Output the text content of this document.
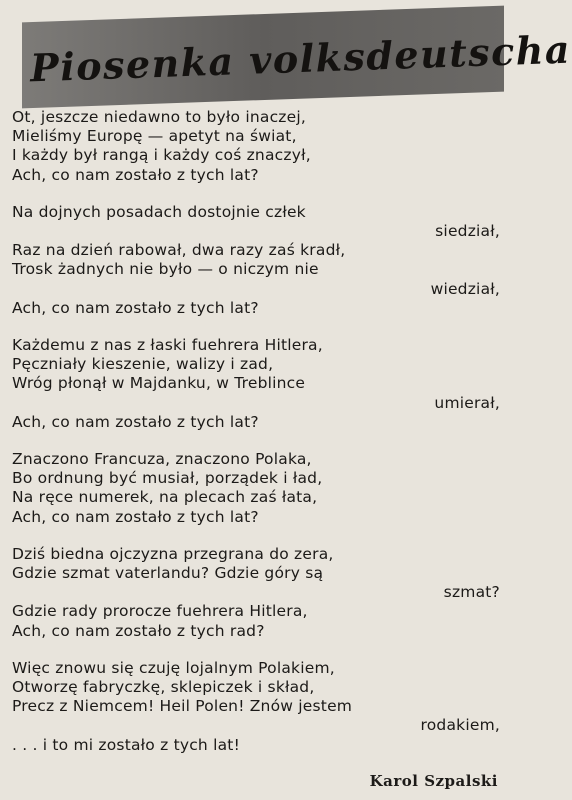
Piosenka volksdeutscha
Ot, jeszcze niedawno to było inaczej,
Mieliśmy Europę — apetyt na świat,
I każdy był rangą i każdy coś znaczył,
Ach, co nam zostało z tych lat?
Na dojnych posadach dostojnie człek
siedział,
Raz na dzień rabował, dwa razy zaś kradł,
Trosk żadnych nie było — o niczym nie
wiedział,
Ach, co nam zostało z tych lat?
Każdemu z nas z łaski fuehrera Hitlera,
Pęczniały kieszenie, walizy i zad,
Wróg płonął w Majdanku, w Treblince
umierał,
Ach, co nam zostało z tych lat?
Znaczono Francuza, znaczono Polaka,
Bo ordnung być musiał, porządek i ład,
Na ręce numerek, na plecach zaś łata,
Ach, co nam zostało z tych lat?
Dziś biedna ojczyzna przegrana do zera,
Gdzie szmat vaterlandu? Gdzie góry są
szmat?
Gdzie rady prorocze fuehrera Hitlera,
Ach, co nam zostało z tych rad?
Więc znowu się czuję lojalnym Polakiem,
Otworzę fabryczkę, sklepiczek i skład,
Precz z Niemcem! Heil Polen! Znów jestem
rodakiem,
. . . i to mi zostało z tych lat!
Karol Szpalski
